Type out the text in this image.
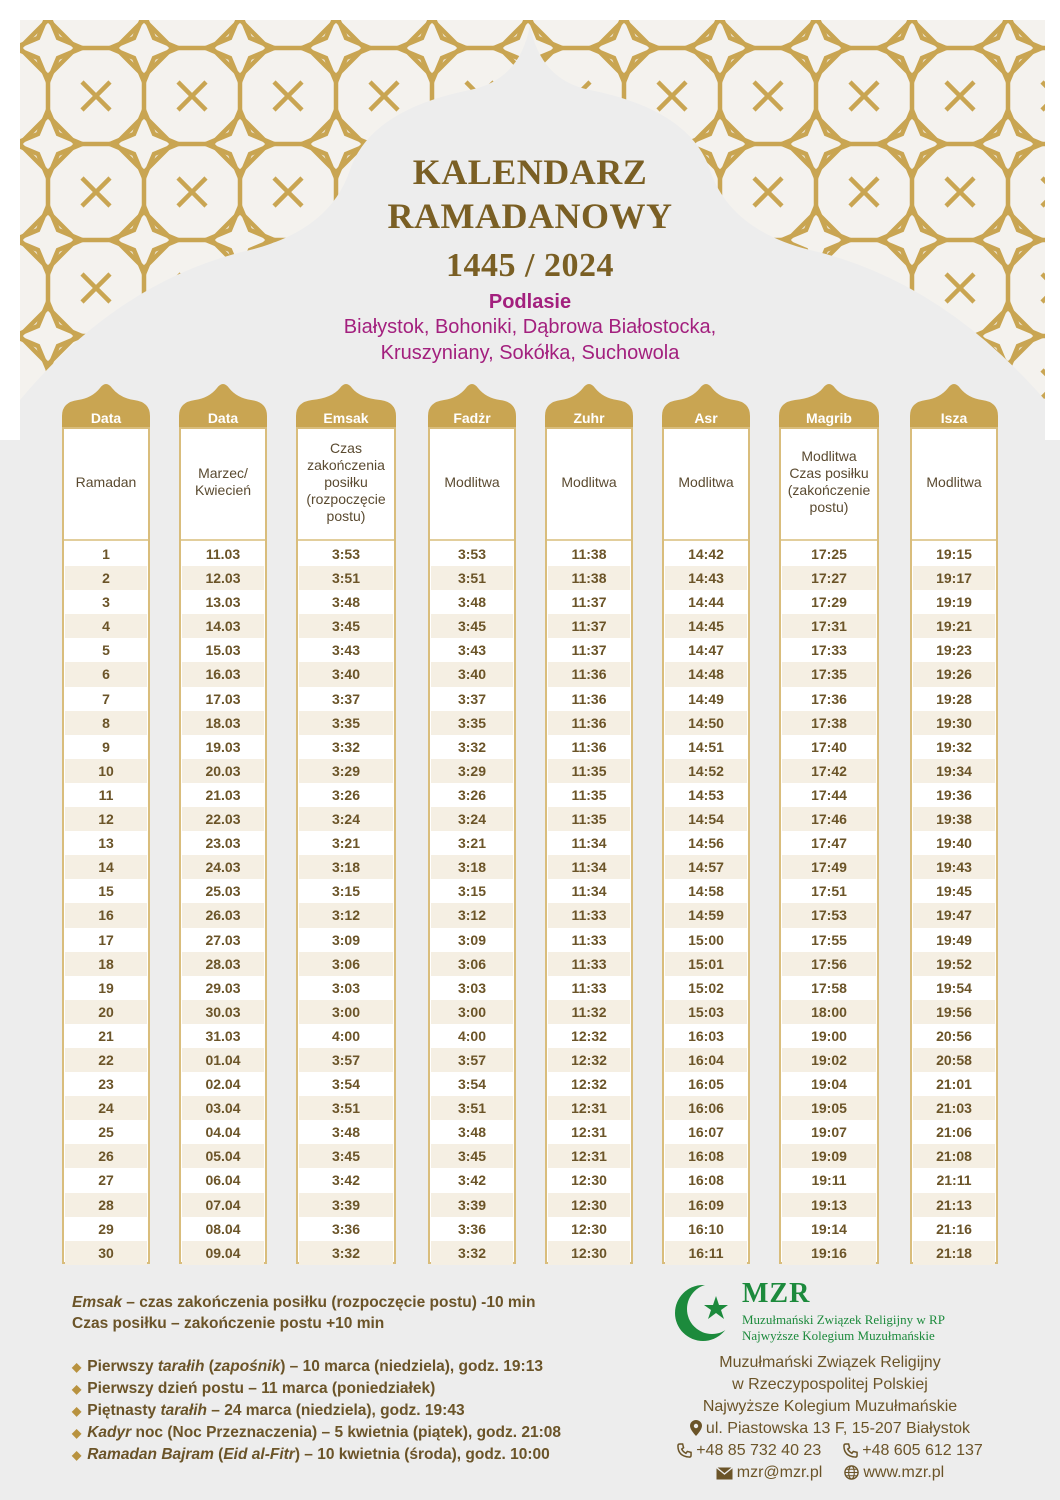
KALENDARZ
RAMADANOWY
1445 / 2024
Podlasie
Białystok, Bohoniki, Dąbrowa Białostocka,
Kruszyniany, Sokółka, Suchowola
Data
Ramadan
1
2
3
4
5
6
7
8
9
10
11
12
13
14
15
16
17
18
19
20
21
22
23
24
25
26
27
28
29
30
Data
Marzec/
Kwiecień
11.03
12.03
13.03
14.03
15.03
16.03
17.03
18.03
19.03
20.03
21.03
22.03
23.03
24.03
25.03
26.03
27.03
28.03
29.03
30.03
31.03
01.04
02.04
03.04
04.04
05.04
06.04
07.04
08.04
09.04
Emsak
Czas
zakończenia
posiłku
(rozpoczęcie
postu)
3:53
3:51
3:48
3:45
3:43
3:40
3:37
3:35
3:32
3:29
3:26
3:24
3:21
3:18
3:15
3:12
3:09
3:06
3:03
3:00
4:00
3:57
3:54
3:51
3:48
3:45
3:42
3:39
3:36
3:32
Fadżr
Modlitwa
3:53
3:51
3:48
3:45
3:43
3:40
3:37
3:35
3:32
3:29
3:26
3:24
3:21
3:18
3:15
3:12
3:09
3:06
3:03
3:00
4:00
3:57
3:54
3:51
3:48
3:45
3:42
3:39
3:36
3:32
Zuhr
Modlitwa
11:38
11:38
11:37
11:37
11:37
11:36
11:36
11:36
11:36
11:35
11:35
11:35
11:34
11:34
11:34
11:33
11:33
11:33
11:33
11:32
12:32
12:32
12:32
12:31
12:31
12:31
12:30
12:30
12:30
12:30
Asr
Modlitwa
14:42
14:43
14:44
14:45
14:47
14:48
14:49
14:50
14:51
14:52
14:53
14:54
14:56
14:57
14:58
14:59
15:00
15:01
15:02
15:03
16:03
16:04
16:05
16:06
16:07
16:08
16:08
16:09
16:10
16:11
Magrib
Modlitwa
Czas posiłku
(zakończenie
postu)
17:25
17:27
17:29
17:31
17:33
17:35
17:36
17:38
17:40
17:42
17:44
17:46
17:47
17:49
17:51
17:53
17:55
17:56
17:58
18:00
19:00
19:02
19:04
19:05
19:07
19:09
19:11
19:13
19:14
19:16
Isza
Modlitwa
19:15
19:17
19:19
19:21
19:23
19:26
19:28
19:30
19:32
19:34
19:36
19:38
19:40
19:43
19:45
19:47
19:49
19:52
19:54
19:56
20:56
20:58
21:01
21:03
21:06
21:08
21:11
21:13
21:16
21:18
Emsak – czas zakończenia posiłku (rozpoczęcie postu) -10 min
Czas posiłku – zakończenie postu +10 min
◆ Pierwszy tarałih (zapośnik) – 10 marca (niedziela), godz. 19:13
◆ Pierwszy dzień postu – 11 marca (poniedziałek)
◆ Piętnasty tarałih – 24 marca (niedziela), godz. 19:43
◆ Kadyr noc (Noc Przeznaczenia) – 5 kwietnia (piątek), godz. 21:08
◆ Ramadan Bajram (Eid al-Fitr) – 10 kwietnia (środa), godz. 10:00
MZR
Muzułmański Związek Religijny w RP
Najwyższe Kolegium Muzułmańskie
Muzułmański Związek Religijny
w Rzeczypospolitej Polskiej
Najwyższe Kolegium Muzułmańskie
ul. Piastowska 13 F, 15-207 Białystok
+48 85 732 40 23	+48 605 612 137
mzr@mzr.pl	www.mzr.pl
